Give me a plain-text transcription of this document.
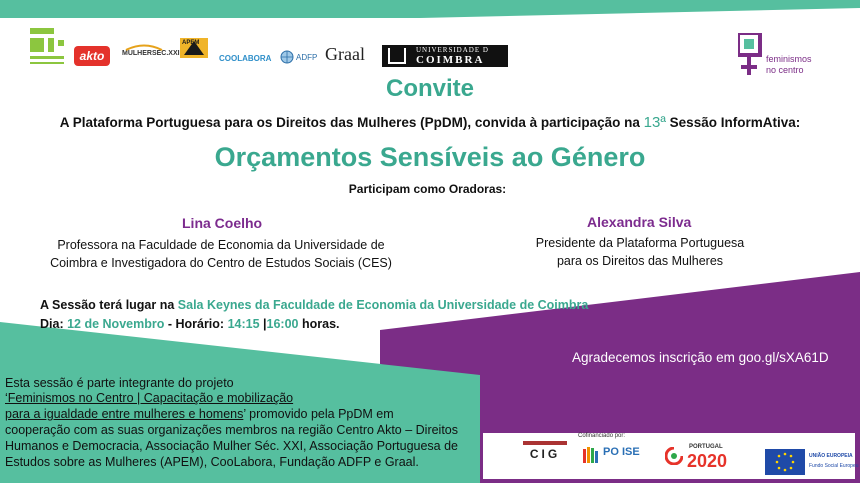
akto	MULHERSÉC.XXI
APEM
COOLABORA	ADFP Graal	UNIVERSIDADE D
COIMBRA	feminismos
no centro
Convite
A Plataforma Portuguesa para os Direitos das Mulheres (PpDM), convida à participação na 13ª Sessão InformAtiva:
Orçamentos Sensíveis ao Género
Participam como Oradoras:
Lina Coelho
Professora na Faculdade de Economia da Universidade de
Coimbra e Investigadora do Centro de Estudos Sociais (CES)
Alexandra Silva
Presidente da Plataforma Portuguesa
para os Direitos das Mulheres
A Sessão terá lugar na Sala Keynes da Faculdade de Economia da Universidade de Coimbra
Dia: 12 de Novembro - Horário: 14:15 |16:00 horas.
Agradecemos inscrição em goo.gl/sXA61D
Esta sessão é parte integrante do projeto
‘Feminismos no Centro | Capacitação e mobilização
para a igualdade entre mulheres e homens’ promovido pela PpDM em
cooperação com as suas organizações membros na região Centro Akto – Direitos
Humanos e Democracia, Associação Mulher Séc. XXI, Associação Portuguesa de
Estudos sobre as Mulheres (APEM), CooLabora, Fundação ADFP e Graal.
Cofinanciado por:
CIG	PO ISE	PORTUGAL
2020	UNIÃO EUROPEIA
Fundo Social Europeu
